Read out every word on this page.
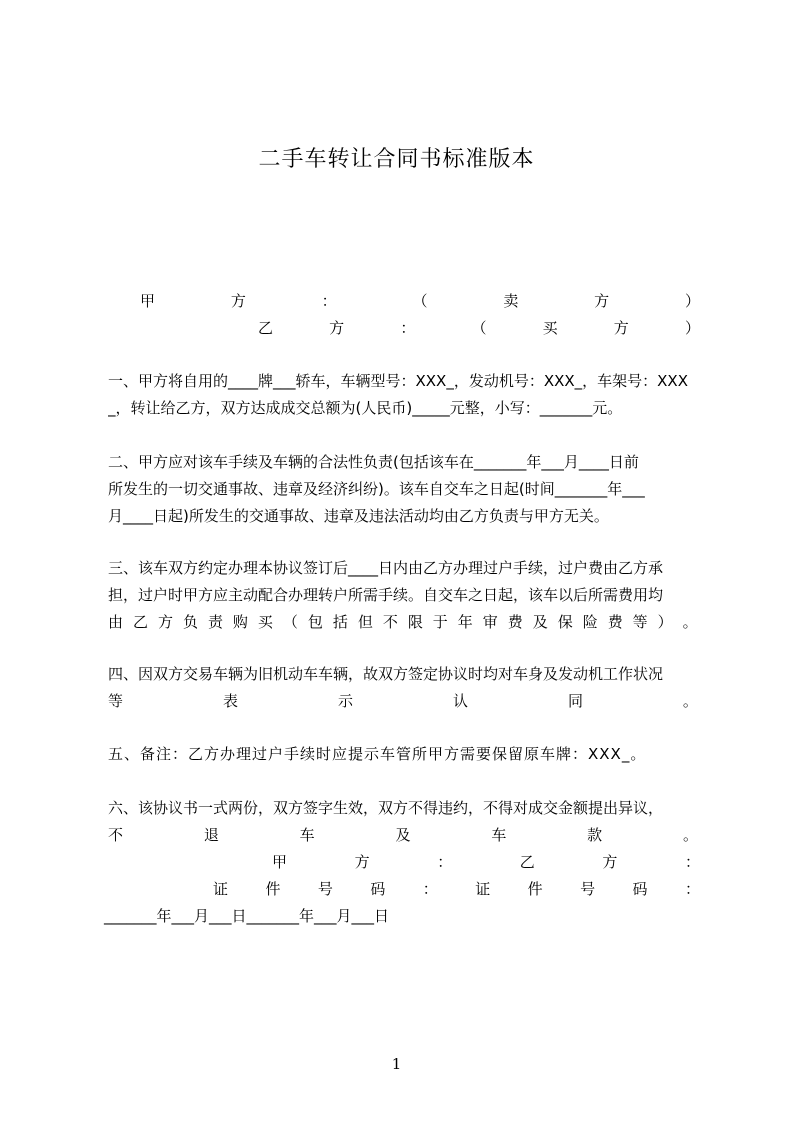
二手车转让合同书标准版本
甲	方	：	（	卖	方	）
乙	方	：	（	买	方	）
一、甲方将自用的____牌___轿车，车辆型号：XXX_，发动机号：XXX_，车架号：XXX
_，转让给乙方，双方达成成交总额为(人民币)_____元整，小写：_______元。
二、甲方应对该车手续及车辆的合法性负责(包括该车在_______年___月____日前
所发生的一切交通事故、违章及经济纠纷)。该车自交车之日起(时间_______年___
月____日起)所发生的交通事故、违章及违法活动均由乙方负责与甲方无关。
三、该车双方约定办理本协议签订后____日内由乙方办理过户手续，过户费由乙方承
担，过户时甲方应主动配合办理转户所需手续。自交车之日起，该车以后所需费用均
由 乙 方 负 责 购 买 （ 包 括 但 不 限 于 年 审 费 及 保 险 费 等 ） 。
四、因双方交易车辆为旧机动车车辆，故双方签定协议时均对车身及发动机工作状况
等	表	示	认	同	。
五、备注：乙方办理过户手续时应提示车管所甲方需要保留原车牌：XXX_。
六、该协议书一式两份，双方签字生效，双方不得违约，不得对成交金额提出异议，
不	退	车	及	车	款	。
甲	方	：	乙	方	：
证 件 号 码 ： 证 件 号 码 ：
_______年___月___日_______年___月___日
1
